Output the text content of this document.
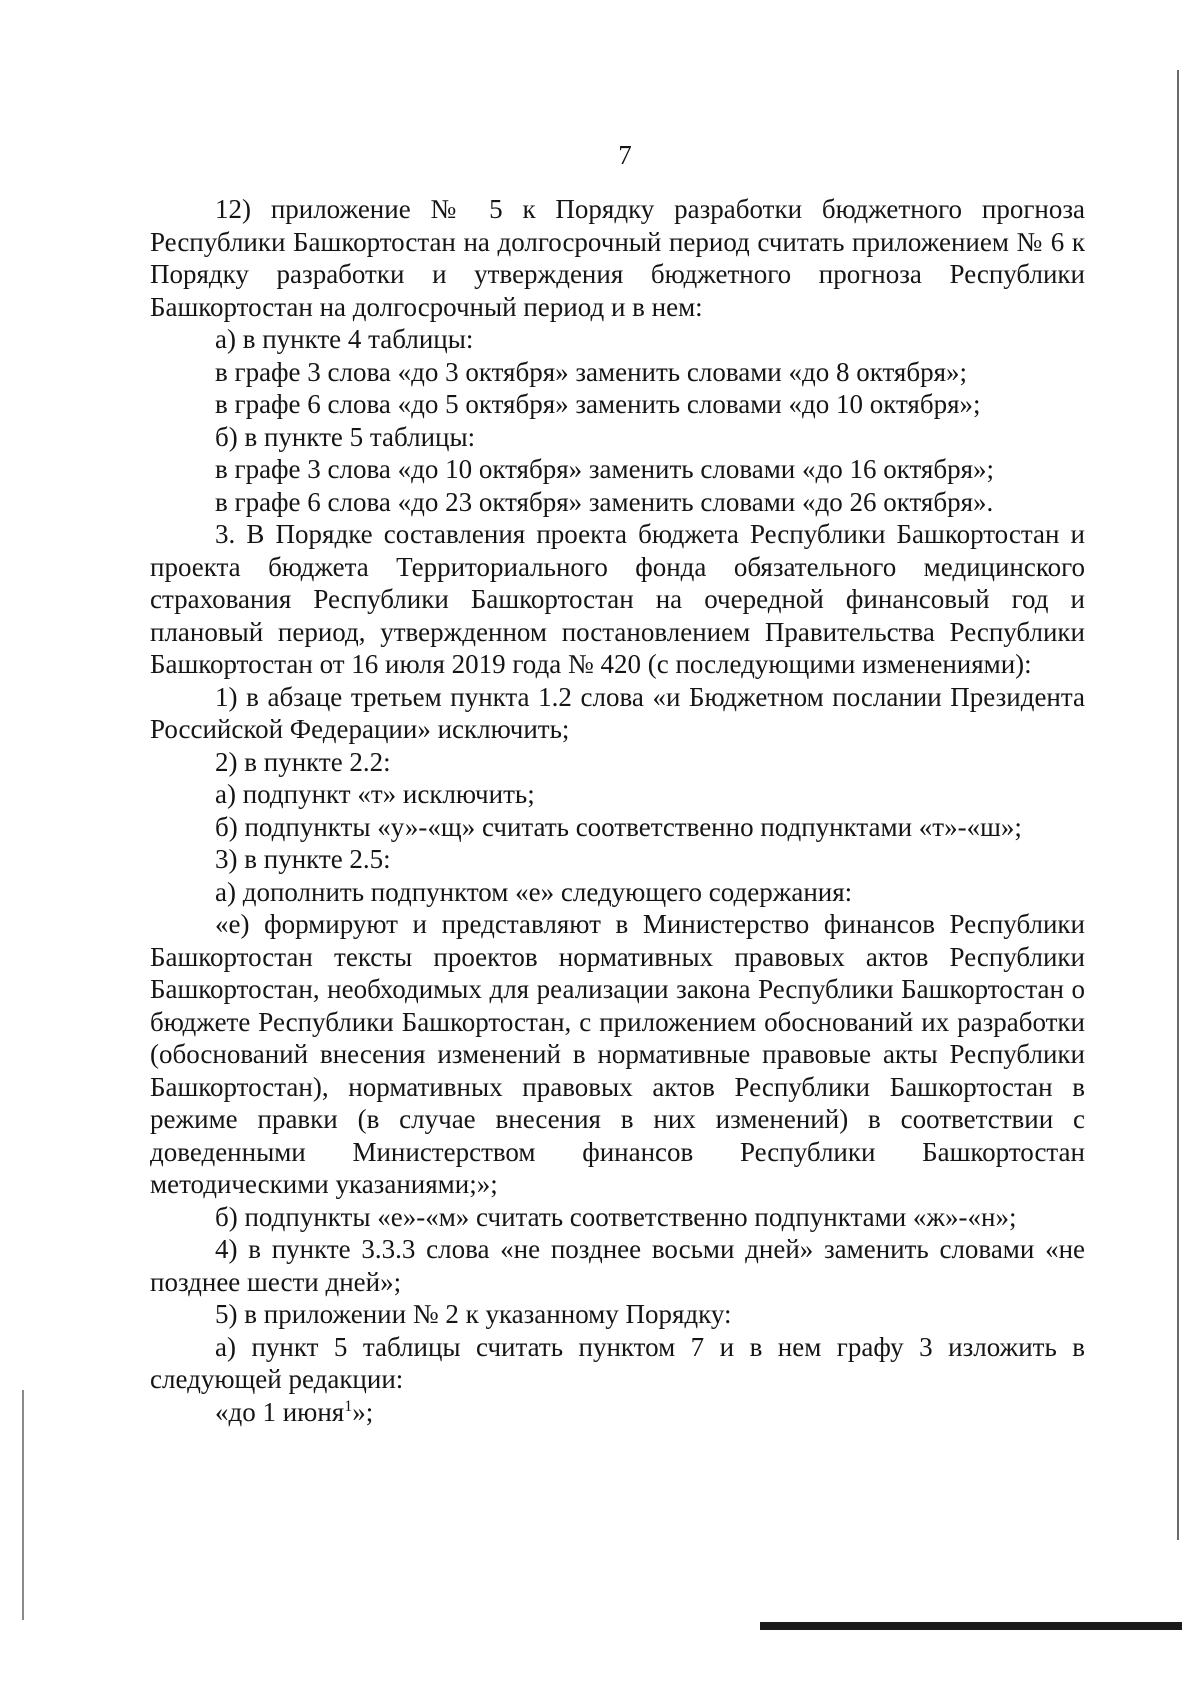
7

12) приложение № 5 к Порядку разработки бюджетного прогноза Республики Башкортостан на долгосрочный период считать приложением № 6 к Порядку разработки и утверждения бюджетного прогноза Республики Башкортостан на долгосрочный период и в нем:

а) в пункте 4 таблицы:

в графе 3 слова «до 3 октября» заменить словами «до 8 октября»;

в графе 6 слова «до 5 октября» заменить словами «до 10 октября»;

б) в пункте 5 таблицы:

в графе 3 слова «до 10 октября» заменить словами «до 16 октября»;

в графе 6 слова «до 23 октября» заменить словами «до 26 октября».

3. В Порядке составления проекта бюджета Республики Башкортостан и проекта бюджета Территориального фонда обязательного медицинского страхования Республики Башкортостан на очередной финансовый год и плановый период, утвержденном постановлением Правительства Республики Башкортостан от 16 июля 2019 года № 420 (с последующими изменениями):

1) в абзаце третьем пункта 1.2 слова «и Бюджетном послании Президента Российской Федерации» исключить;

2) в пункте 2.2:

а) подпункт «т» исключить;

б) подпункты «у»-«щ» считать соответственно подпунктами «т»-«ш»;

3) в пункте 2.5:

а) дополнить подпунктом «е» следующего содержания:

«е) формируют и представляют в Министерство финансов Республики Башкортостан тексты проектов нормативных правовых актов Республики Башкортостан, необходимых для реализации закона Республики Башкортостан о бюджете Республики Башкортостан, с приложением обоснований их разработки (обоснований внесения изменений в нормативные правовые акты Республики Башкортостан), нормативных правовых актов Республики Башкортостан в режиме правки (в случае внесения в них изменений) в соответствии с доведенными Министерством финансов Республики Башкортостан методическими указаниями;»;

б) подпункты «е»-«м» считать соответственно подпунктами «ж»-«н»;

4) в пункте 3.3.3 слова «не позднее восьми дней» заменить словами «не позднее шести дней»;

5) в приложении № 2 к указанному Порядку:

а) пункт 5 таблицы считать пунктом 7 и в нем графу 3 изложить в следующей редакции:

«до 1 июня$^1$»;
